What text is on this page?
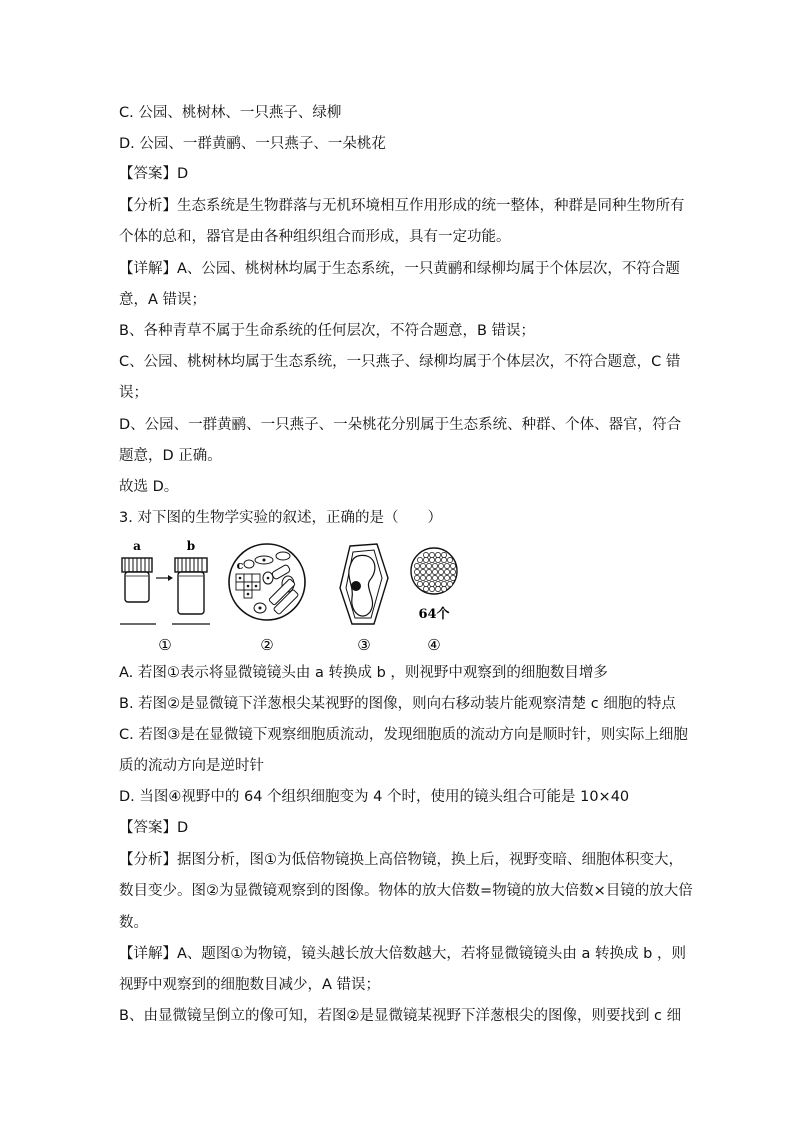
C. 公园、桃树林、一只燕子、绿柳
D. 公园、一群黄鹂、一只燕子、一朵桃花
【答案】D
【分析】生态系统是生物群落与无机环境相互作用形成的统一整体，种群是同种生物所有
个体的总和，器官是由各种组织组合而形成，具有一定功能。
【详解】A、公园、桃树林均属于生态系统，一只黄鹂和绿柳均属于个体层次，不符合题
意，A 错误；
B、各种青草不属于生命系统的任何层次，不符合题意，B 错误；
C、公园、桃树林均属于生态系统，一只燕子、绿柳均属于个体层次，不符合题意，C 错
误；
D、公园、一群黄鹂、一只燕子、一朵桃花分别属于生态系统、种群、个体、器官，符合
题意，D 正确。
故选 D。
3. 对下图的生物学实验的叙述，正确的是（　　）
a	b
c
64个
①	②	③	④
A. 若图①表示将显微镜镜头由 a 转换成 b ，则视野中观察到的细胞数目增多
B. 若图②是显微镜下洋葱根尖某视野的图像，则向右移动装片能观察清楚 c 细胞的特点
C. 若图③是在显微镜下观察细胞质流动，发现细胞质的流动方向是顺时针，则实际上细胞
质的流动方向是逆时针
D. 当图④视野中的 64 个组织细胞变为 4 个时，使用的镜头组合可能是 10×40
【答案】D
【分析】据图分析，图①为低倍物镜换上高倍物镜，换上后，视野变暗、细胞体积变大，
数目变少。图②为显微镜观察到的图像。物体的放大倍数=物镜的放大倍数×目镜的放大倍
数。
【详解】A、题图①为物镜，镜头越长放大倍数越大，若将显微镜镜头由 a 转换成 b ，则
视野中观察到的细胞数目减少，A 错误；
B、由显微镜呈倒立的像可知，若图②是显微镜某视野下洋葱根尖的图像，则要找到 c 细
